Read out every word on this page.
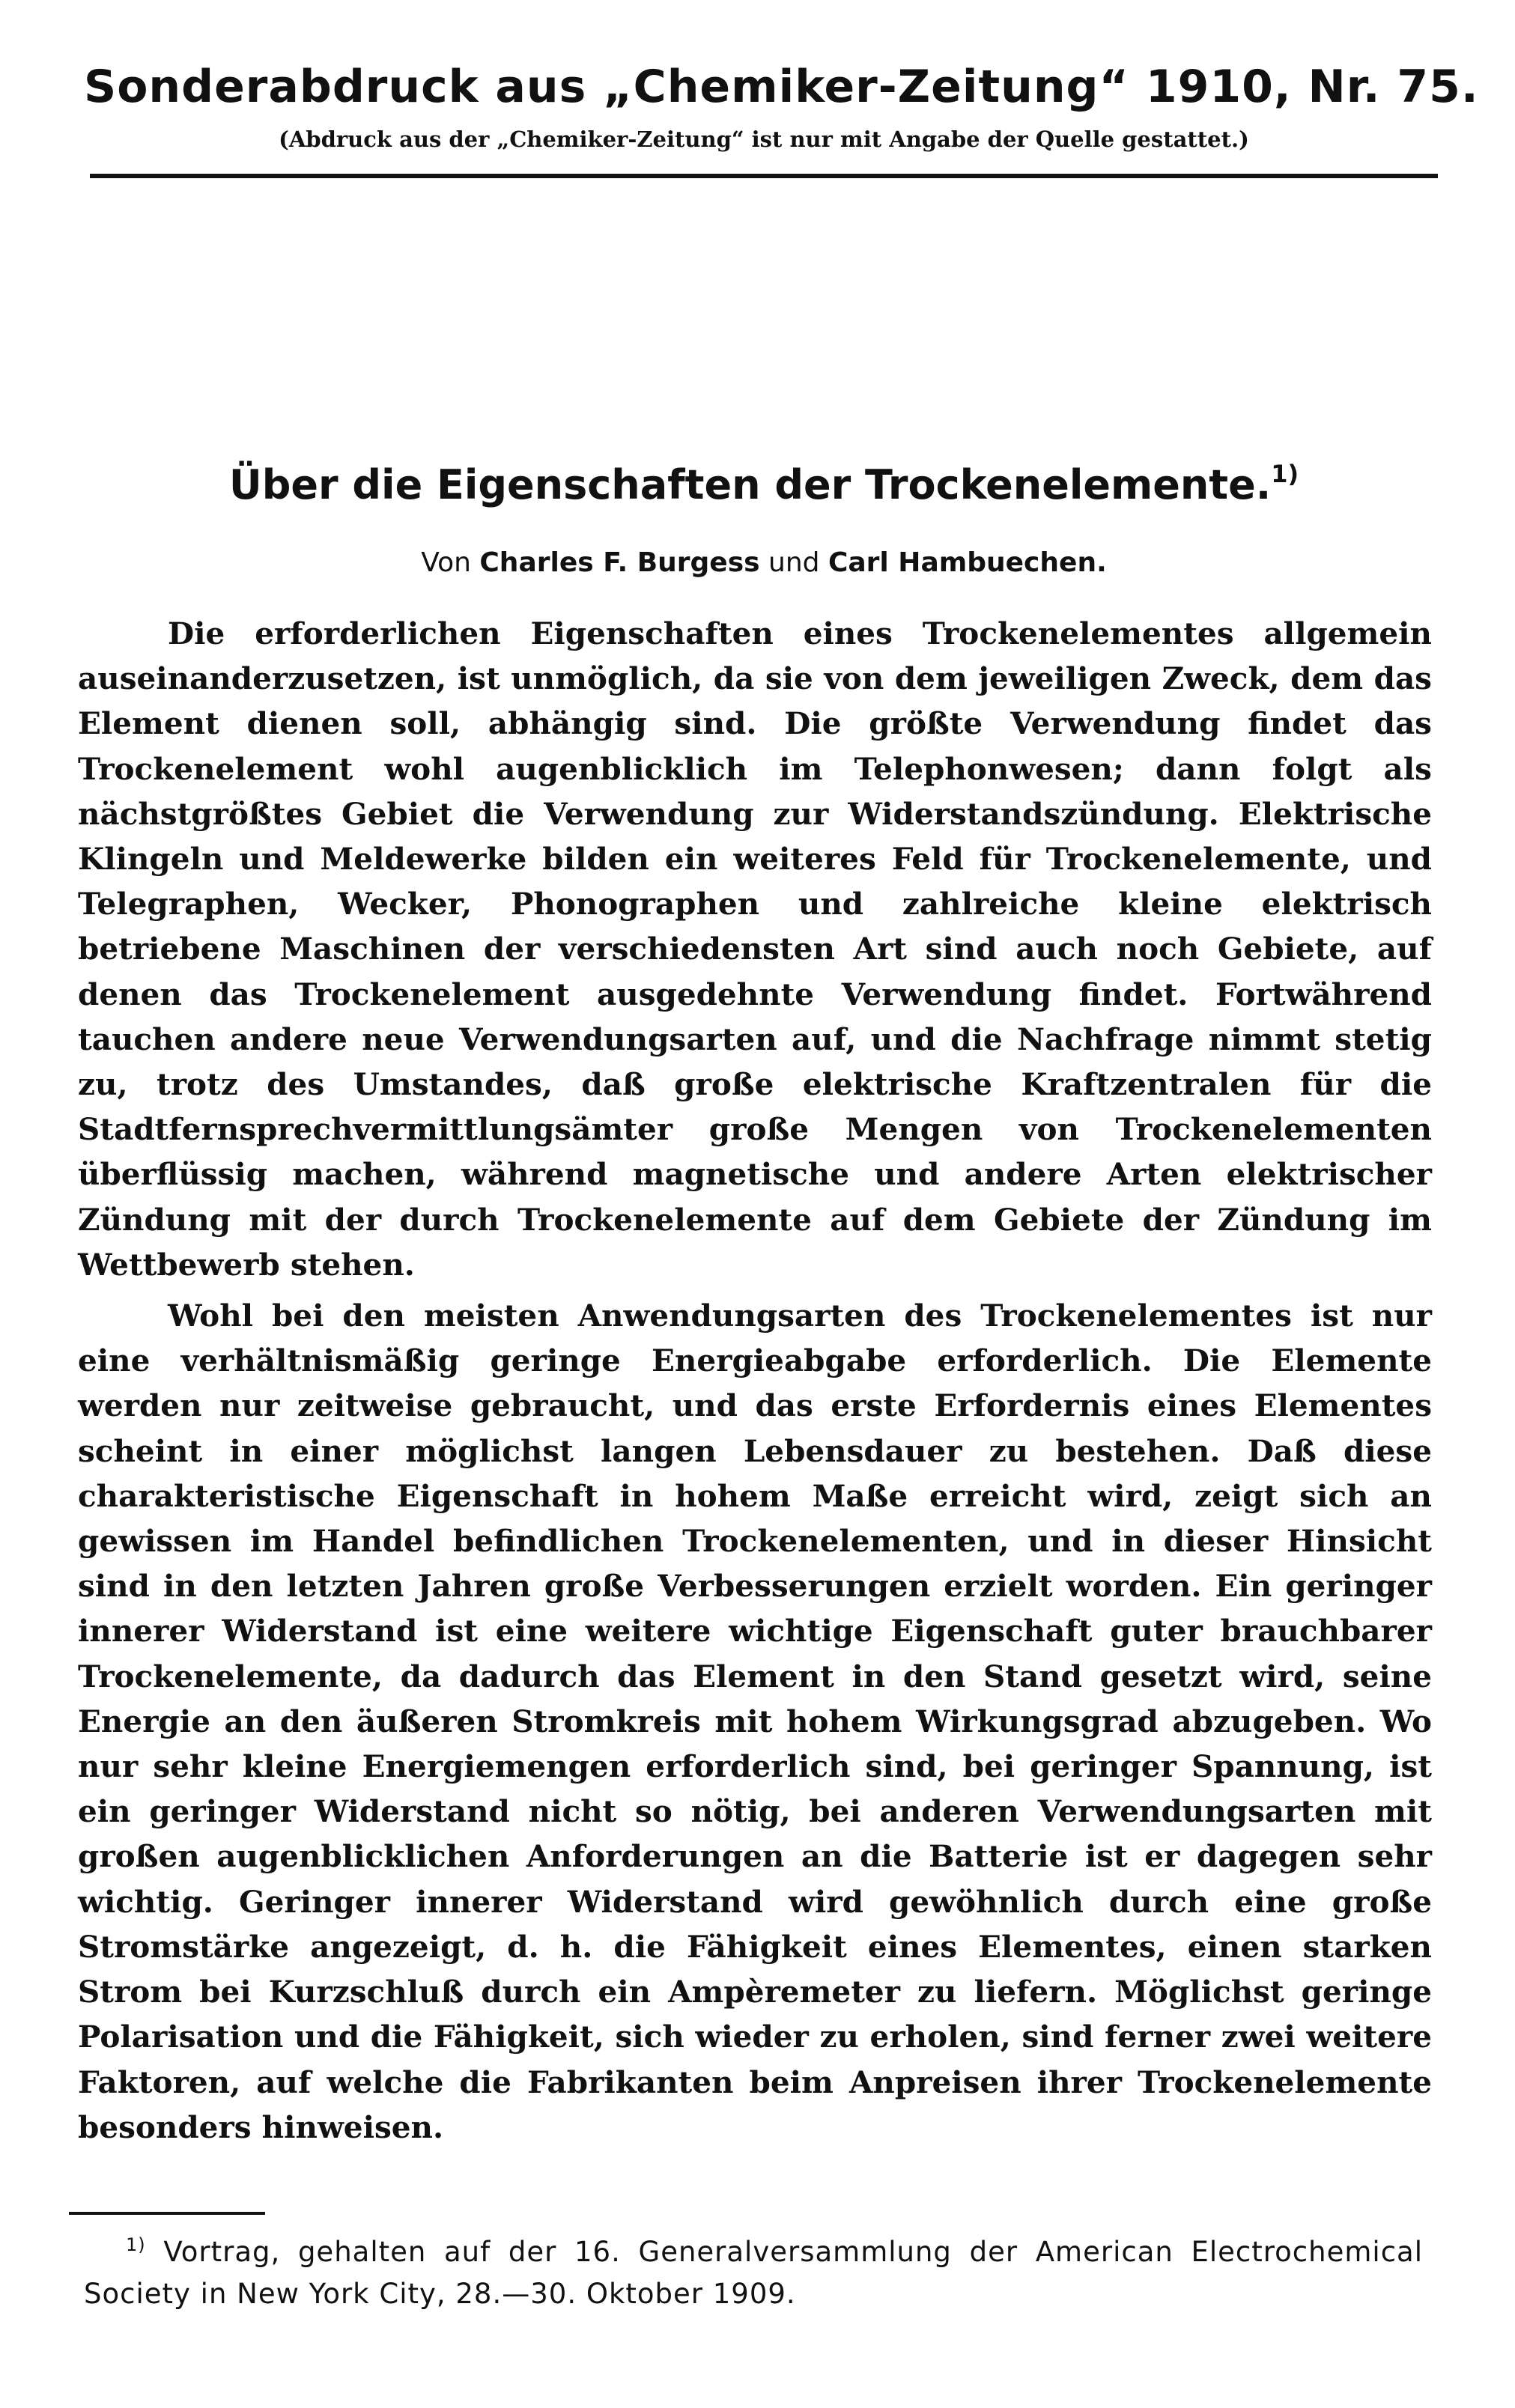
Sonderabdruck aus „Chemiker-Zeitung“ 1910, Nr. 75.
(Abdruck aus der „Chemiker-Zeitung“ ist nur mit Angabe der Quelle gestattet.)
Über die Eigenschaften der Trockenelemente.$^{1)}$
Von Charles F. Burgess und Carl Hambuechen.

Die erforderlichen Eigenschaften eines Trockenelementes allgemein auseinanderzusetzen, ist unmöglich, da sie von dem jeweiligen Zweck, dem das Element dienen soll, abhängig sind. Die größte Verwendung findet das Trockenelement wohl augenblicklich im Telephonwesen; dann folgt als nächstgrößtes Gebiet die Verwendung zur Widerstandszündung. Elektrische Klingeln und Meldewerke bilden ein weiteres Feld für Trockenelemente, und Telegraphen, Wecker, Phonographen und zahlreiche kleine elektrisch betriebene Maschinen der verschiedensten Art sind auch noch Gebiete, auf denen das Trockenelement ausgedehnte Verwendung findet. Fortwährend tauchen andere neue Verwendungsarten auf, und die Nachfrage nimmt stetig zu, trotz des Umstandes, daß große elektrische Kraftzentralen für die Stadtfernsprechvermittlungsämter große Mengen von Trockenelementen überflüssig machen, während magnetische und andere Arten elektrischer Zündung mit der durch Trockenelemente auf dem Gebiete der Zündung im Wettbewerb stehen.

Wohl bei den meisten Anwendungsarten des Trockenelementes ist nur eine verhältnismäßig geringe Energieabgabe erforderlich. Die Elemente werden nur zeitweise gebraucht, und das erste Erfordernis eines Elementes scheint in einer möglichst langen Lebensdauer zu bestehen. Daß diese charakteristische Eigenschaft in hohem Maße erreicht wird, zeigt sich an gewissen im Handel befindlichen Trockenelementen, und in dieser Hinsicht sind in den letzten Jahren große Verbesserungen erzielt worden. Ein geringer innerer Widerstand ist eine weitere wichtige Eigenschaft guter brauchbarer Trockenelemente, da dadurch das Element in den Stand gesetzt wird, seine Energie an den äußeren Stromkreis mit hohem Wirkungsgrad abzugeben. Wo nur sehr kleine Energiemengen erforderlich sind, bei geringer Spannung, ist ein geringer Widerstand nicht so nötig, bei anderen Verwendungsarten mit großen augenblicklichen Anforderungen an die Batterie ist er dagegen sehr wichtig. Geringer innerer Widerstand wird gewöhnlich durch eine große Stromstärke angezeigt, d. h. die Fähigkeit eines Elementes, einen starken Strom bei Kurzschluß durch ein Ampèremeter zu liefern. Möglichst geringe Polarisation und die Fähigkeit, sich wieder zu erholen, sind ferner zwei weitere Faktoren, auf welche die Fabrikanten beim Anpreisen ihrer Trockenelemente besonders hinweisen.

$^{1)}$ Vortrag, gehalten auf der 16. Generalversammlung der American Electrochemical Society in New York City, 28.—30. Oktober 1909.
